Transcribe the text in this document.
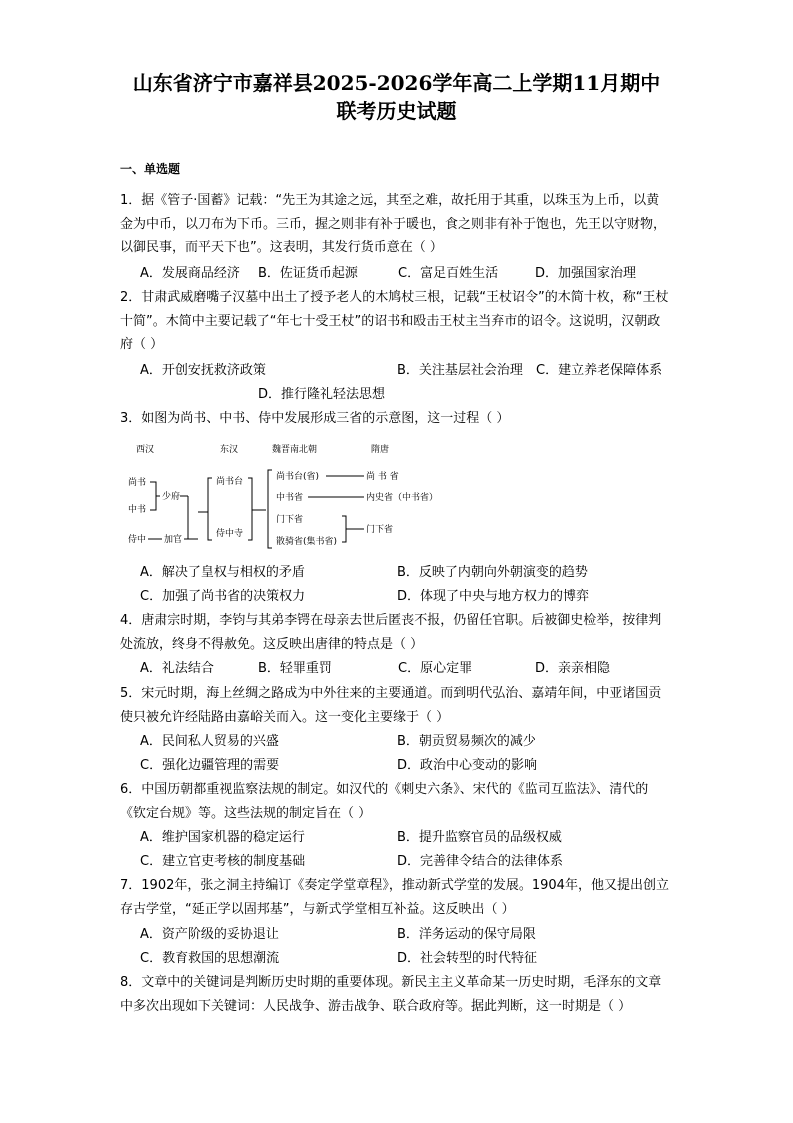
山东省济宁市嘉祥县2025-2026学年高二上学期11月期中
联考历史试题
一、单选题

1．据《管子·国蓄》记载：“先王为其途之远，其至之难，故托用于其重，以珠玉为上币，以黄金为中币，以刀布为下币。三币，握之则非有补于暖也，食之则非有补于饱也，先王以守财物，以御民事，而平天下也”。这表明，其发行货币意在（ ）

A．发展商品经济 B．佐证货币起源	C．富足百姓生活	D．加强国家治理

2．甘肃武威磨嘴子汉墓中出土了授予老人的木鸠杖三根，记载“王杖诏令”的木简十枚，称“王杖十简”。木简中主要记载了“年七十受王杖”的诏书和殴击王杖主当弃市的诏令。这说明，汉朝政府（ ）

A．开创安抚救济政策	B．关注基层社会治理 C．建立养老保障体系
D．推行隆礼轻法思想

3．如图为尚书、中书、侍中发展形成三省的示意图，这一过程（ ）

西汉	东汉	魏晋南北朝	隋唐
尚书
中书
侍中 加官
少府
尚书台
侍中寺
尚书台(省)
中书省
门下省
散骑省(集书省)
尚 书 省
内史省（中书省）
门下省
A．解决了皇权与相权的矛盾	B．反映了内朝向外朝演变的趋势
C．加强了尚书省的决策权力	D．体现了中央与地方权力的博弈

4．唐肃宗时期，李钧与其弟李锷在母亲去世后匿丧不报，仍留任官职。后被御史检举，按律判处流放，终身不得赦免。这反映出唐律的特点是（ ）

A．礼法结合	B．轻罪重罚	C．原心定罪	D．亲亲相隐

5．宋元时期，海上丝绸之路成为中外往来的主要通道。而到明代弘治、嘉靖年间，中亚诸国贡使只被允许经陆路由嘉峪关而入。这一变化主要缘于（ ）

A．民间私人贸易的兴盛	B．朝贡贸易频次的减少
C．强化边疆管理的需要	D．政治中心变动的影响

6．中国历朝都重视监察法规的制定。如汉代的《刺史六条》、宋代的《监司互监法》、清代的《钦定台规》等。这些法规的制定旨在（ ）

A．维护国家机器的稳定运行	B．提升监察官员的品级权威
C．建立官吏考核的制度基础	D．完善律令结合的法律体系

7．1902年，张之洞主持编订《奏定学堂章程》，推动新式学堂的发展。1904年，他又提出创立存古学堂，“延正学以固邦基”，与新式学堂相互补益。这反映出（ ）

A．资产阶级的妥协退让	B．洋务运动的保守局限
C．教育救国的思想潮流	D．社会转型的时代特征

8．文章中的关键词是判断历史时期的重要体现。新民主主义革命某一历史时期，毛泽东的文章中多次出现如下关键词：人民战争、游击战争、联合政府等。据此判断，这一时期是（ ）
